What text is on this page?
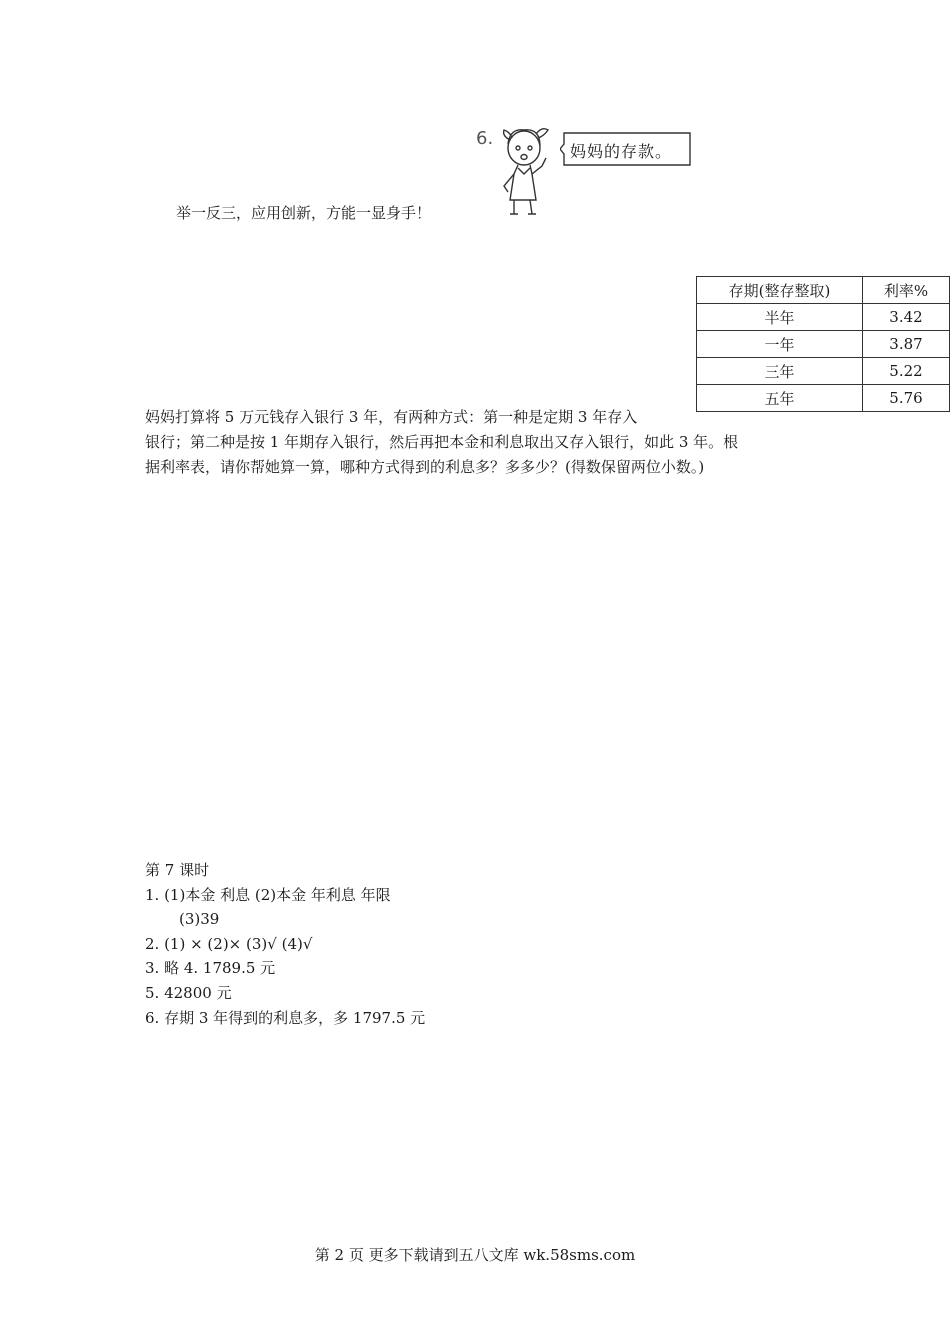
6.
妈妈的存款。
举一反三，应用创新，方能一显身手！
存期(整存整取)	利率%
半年	3.42
一年	3.87
三年	5.22
五年	5.76
妈妈打算将 5 万元钱存入银行 3 年，有两种方式：第一种是定期 3 年存入
银行；第二种是按 1 年期存入银行，然后再把本金和利息取出又存入银行，如此 3 年。根
据利率表，请你帮她算一算，哪种方式得到的利息多？多多少？(得数保留两位小数。)
第 7 课时
1. (1)本金 利息 (2)本金 年利息 年限
(3)39
2. (1) × (2)× (3)√ (4)√
3. 略 4. 1789.5 元
5. 42800 元
6. 存期 3 年得到的利息多，多 1797.5 元
第 2 页 更多下载请到五八文库 wk.58sms.com
